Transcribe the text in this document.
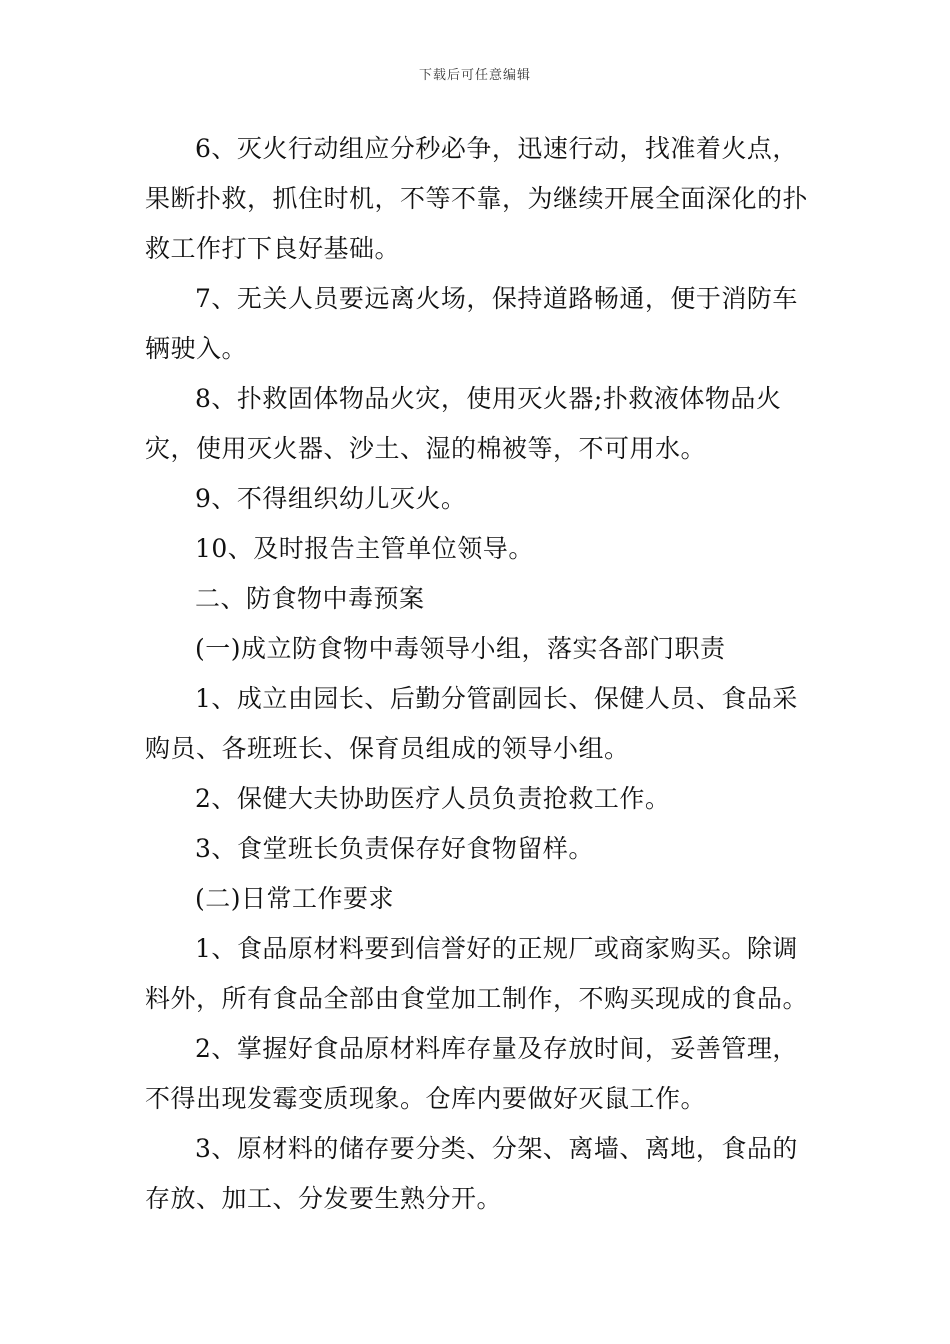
下载后可任意编辑

6、灭火行动组应分秒必争，迅速行动，找准着火点，果断扑救，抓住时机，不等不靠，为继续开展全面深化的扑救工作打下良好基础。

7、无关人员要远离火场，保持道路畅通，便于消防车辆驶入。

8、扑救固体物品火灾，使用灭火器;扑救液体物品火灾，使用灭火器、沙土、湿的棉被等，不可用水。

9、不得组织幼儿灭火。

10、及时报告主管单位领导。

二、防食物中毒预案

(一)成立防食物中毒领导小组，落实各部门职责

1、成立由园长、后勤分管副园长、保健人员、食品采购员、各班班长、保育员组成的领导小组。

2、保健大夫协助医疗人员负责抢救工作。

3、食堂班长负责保存好食物留样。

(二)日常工作要求

1、食品原材料要到信誉好的正规厂或商家购买。除调料外，所有食品全部由食堂加工制作，不购买现成的食品。

2、掌握好食品原材料库存量及存放时间，妥善管理，不得出现发霉变质现象。仓库内要做好灭鼠工作。

3、原材料的储存要分类、分架、离墙、离地，食品的存放、加工、分发要生熟分开。
